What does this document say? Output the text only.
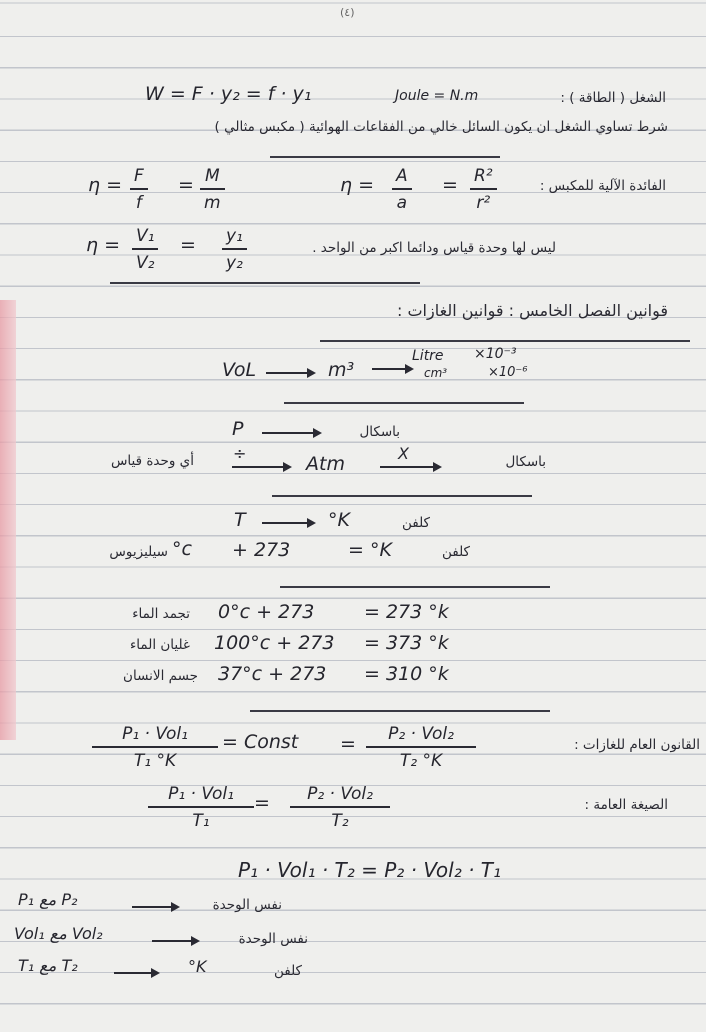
(٤)
W = F · y₂ = f · y₁	Joule = N.m	الشغل ( الطاقة ) :
شرط تساوي الشغل ان يكون السائل خالي من الفقاعات الهوائية ( مكبس مثالي )
η = F
f
= M
m
η = A
a
= R²
r²
الفائدة الآلية للمكبس :
η = V₁
V₂
= y₁
y₂
ليس لها وحدة قياس ودائما اكبر من الواحد .
قوانين الفصل الخامس : قوانين الغازات :
VoL	m³
Litre ×10⁻³
cm³	×10⁻⁶
P	باسكال
أي وحدة قياس ÷	Atm	X	باسكال
T	°K	كلفن
سيليزيوس °c + 273	= °K	كلفن
تجمد الماء 0°c + 273	= 273 °k
غليان الماء 100°c + 273 = 373 °k
جسم الانسان 37°c + 273 = 310 °k
P₁ · Vol₁
T₁ °K
= Const = P₂ · Vol₂
T₂ °K
القانون العام للغازات :
P₁ · Vol₁
T₁
= P₂ · Vol₂
T₂
الصيغة العامة :
P₁ · Vol₁ · T₂ = P₂ · Vol₂ · T₁
P₁ مع P₂	نفس الوحدة
Vol₁ مع Vol₂	نفس الوحدة
T₁ مع T₂	°K	كلفن
